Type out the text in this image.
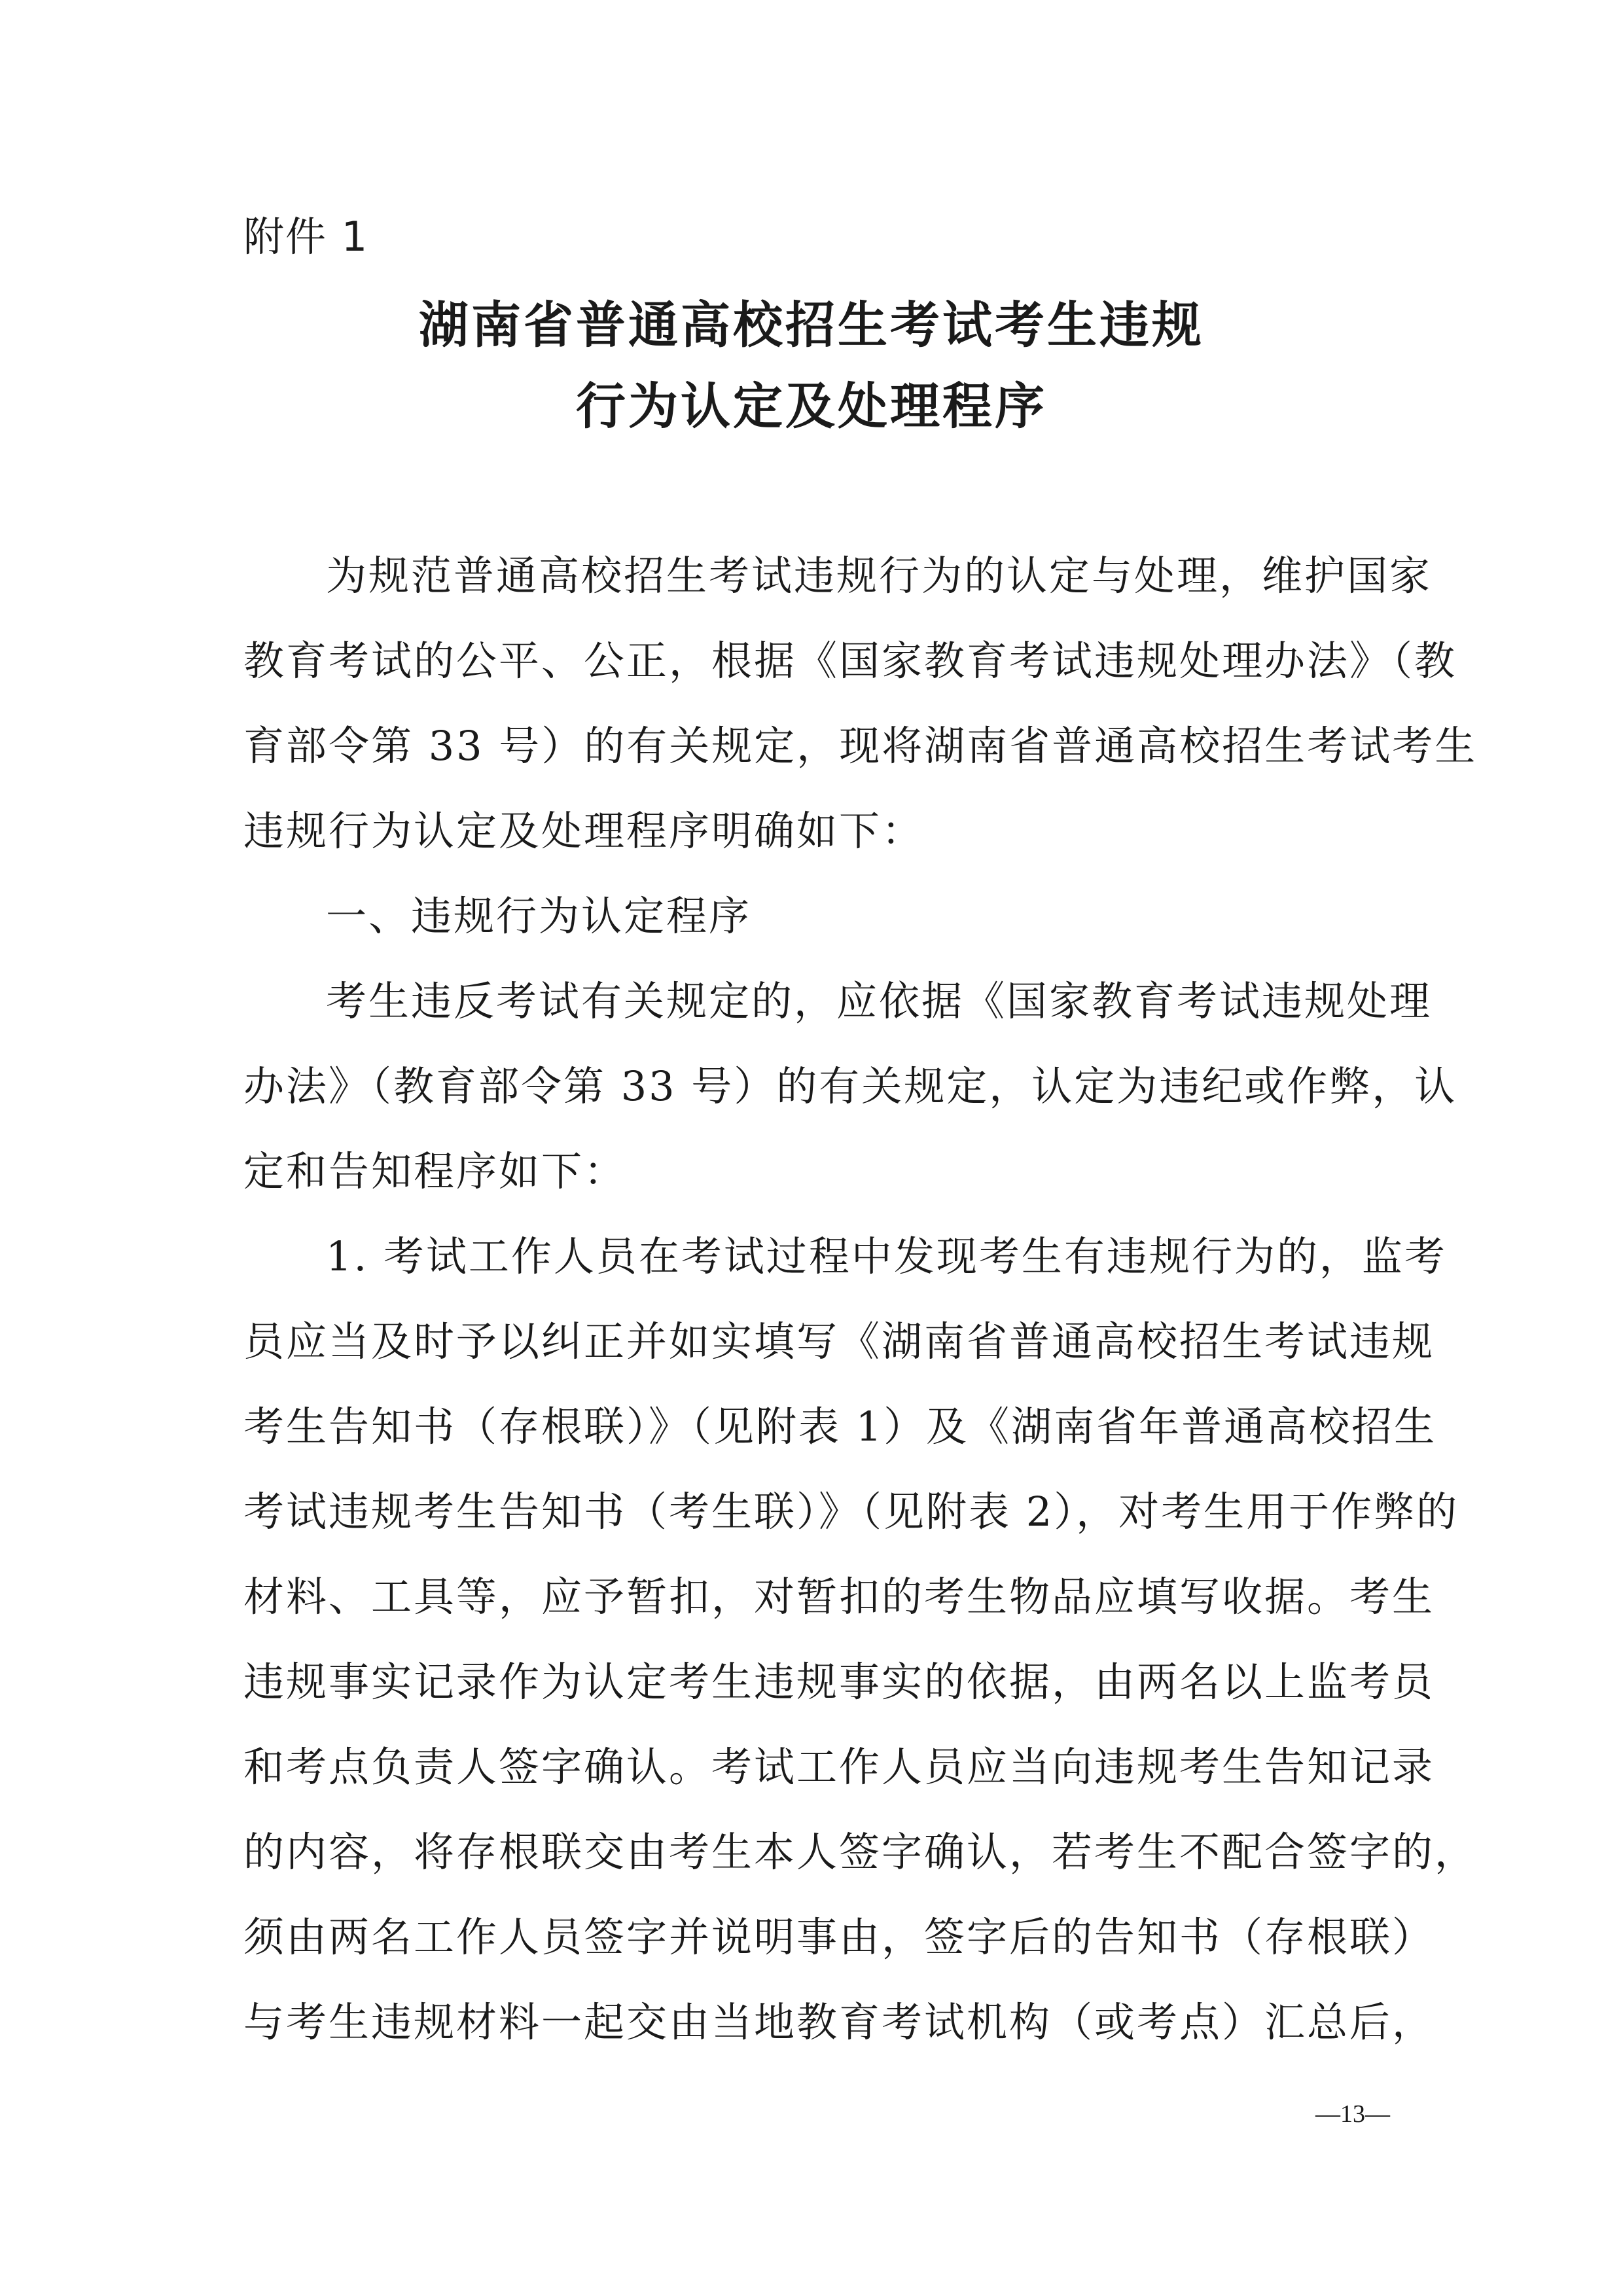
附件 1
湖南省普通高校招生考试考生违规
行为认定及处理程序
为规范普通高校招生考试违规行为的认定与处理，维护国家
教育考试的公平、公正，根据《国家教育考试违规处理办法》（教
育部令第 33 号）的有关规定，现将湖南省普通高校招生考试考生
违规行为认定及处理程序明确如下：
一、违规行为认定程序
考生违反考试有关规定的，应依据《国家教育考试违规处理
办法》（教育部令第 33 号）的有关规定，认定为违纪或作弊，认
定和告知程序如下：
1. 考试工作人员在考试过程中发现考生有违规行为的，监考
员应当及时予以纠正并如实填写《湖南省普通高校招生考试违规
考生告知书（存根联）》（见附表 1）及《湖南省年普通高校招生
考试违规考生告知书（考生联）》（见附表 2），对考生用于作弊的
材料、工具等，应予暂扣，对暂扣的考生物品应填写收据。考生
违规事实记录作为认定考生违规事实的依据，由两名以上监考员
和考点负责人签字确认。考试工作人员应当向违规考生告知记录
的内容，将存根联交由考生本人签字确认，若考生不配合签字的，
须由两名工作人员签字并说明事由，签字后的告知书（存根联）
与考生违规材料一起交由当地教育考试机构（或考点）汇总后，
—13—
